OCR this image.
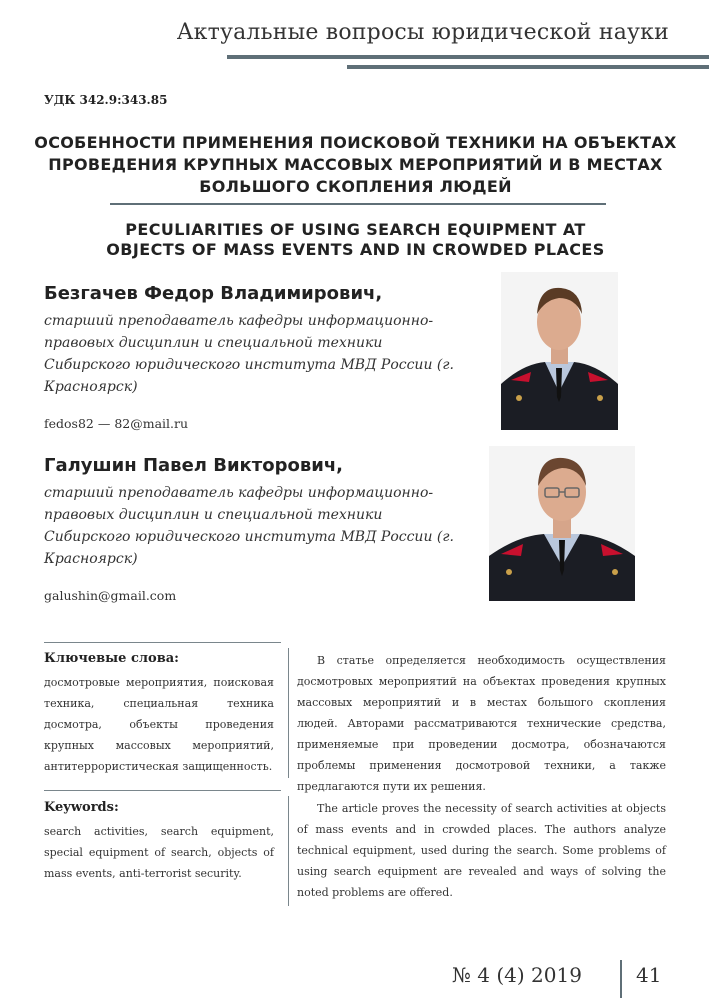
Актуальные вопросы юридической науки
УДК 342.9:343.85
ОСОБЕННОСТИ ПРИМЕНЕНИЯ ПОИСКОВОЙ ТЕХНИКИ НА ОБЪЕКТАХ ПРОВЕДЕНИЯ КРУПНЫХ МАССОВЫХ МЕРОПРИЯТИЙ И В МЕСТАХ БОЛЬШОГО СКОПЛЕНИЯ ЛЮДЕЙ
PECULIARITIES OF USING SEARCH EQUIPMENT AT OBJECTS OF MASS EVENTS AND IN CROWDED PLACES
Безгачев Федор Владимирович,
старший преподаватель кафедры информационно-правовых дисциплин и специальной техники Сибирского юридического института МВД России (г. Красноярск)
fedos82 — 82@mail.ru
Галушин Павел Викторович,
старший преподаватель кафедры информационно-правовых дисциплин и специальной техники Сибирского юридического института МВД России (г. Красноярск)
galushin@gmail.com
Ключевые слова:
досмотровые мероприятия, поисковая техника, специальная техника досмотра, объекты проведения крупных массовых мероприятий, антитеррористическая защищенность.
В статье определяется необходимость осуществления досмотровых мероприятий на объектах проведения крупных массовых мероприятий и в местах большого скопления людей. Авторами рассматриваются технические средства, применяемые при проведении досмотра, обозначаются проблемы применения досмотровой техники, а также предлагаются пути их решения.
Keywords:
search activities, search equipment, special equipment of search, objects of mass events, anti-terrorist security.
The article proves the necessity of search activities at objects of mass events and in crowded places. The authors analyze technical equipment, used during the search. Some problems of using search equipment are revealed and ways of solving the noted problems are offered.
№ 4 (4) 2019	41
